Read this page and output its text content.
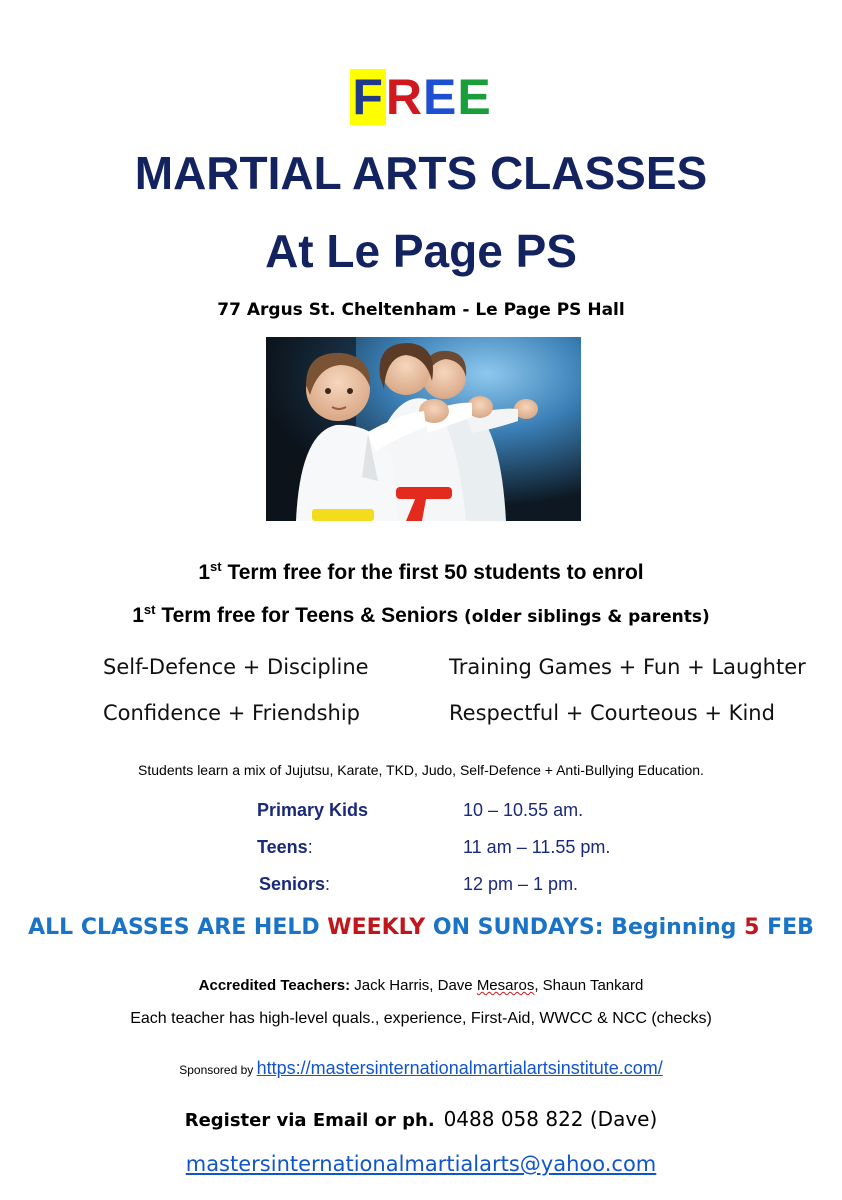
FREE
MARTIAL ARTS CLASSES
At Le Page PS
77 Argus St. Cheltenham - Le Page PS Hall
1st Term free for the first 50 students to enrol
1st Term free for Teens & Seniors (older siblings & parents)
Self-Defence + Discipline	Training Games + Fun + Laughter
Confidence + Friendship	Respectful + Courteous + Kind
Students learn a mix of Jujutsu, Karate, TKD, Judo, Self-Defence + Anti-Bullying Education.
Primary Kids	10 – 10.55 am.
Teens:	11 am – 11.55 pm.
Seniors:	12 pm – 1 pm.
ALL CLASSES ARE HELD WEEKLY ON SUNDAYS: Beginning 5 FEB
Accredited Teachers: Jack Harris, Dave Mesaros, Shaun Tankard
Each teacher has high-level quals., experience, First-Aid, WWCC & NCC (checks)
Sponsored by https://mastersinternationalmartialartsinstitute.com/
Register via Email or ph. 0488 058 822 (Dave)
mastersinternationalmartialarts@yahoo.com
